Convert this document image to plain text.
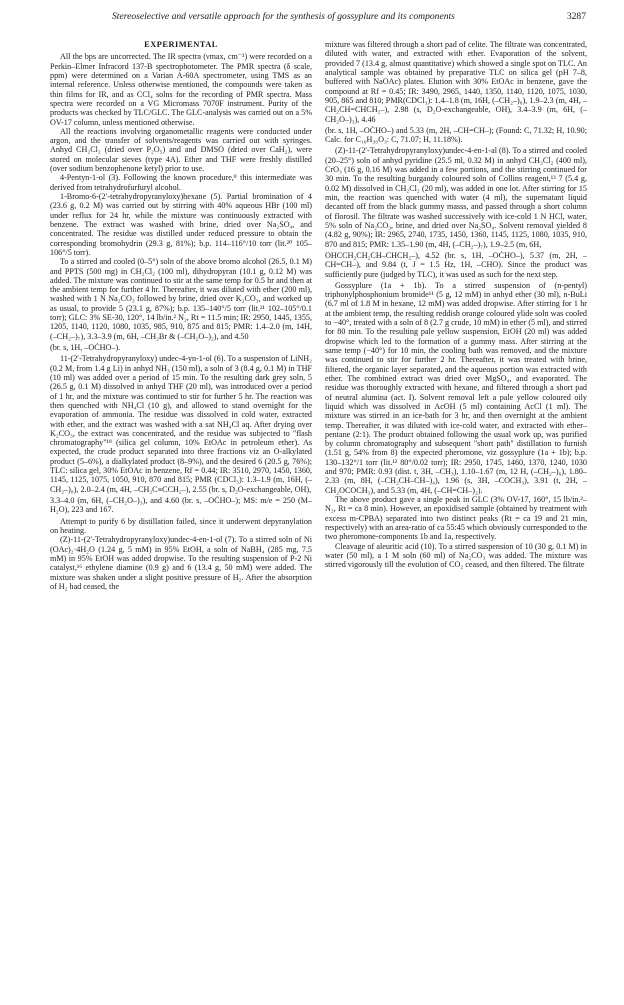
Stereoselective and versatile approach for the synthesis of gossyplure and its components	3287
EXPERIMENTAL

All the bps are uncorrected. The IR spectra (νmax, cm⁻¹) were recorded on a Perkin–Elmer Infracord 137-B spectrophotometer. The PMR spectra (δ scale, ppm) were determined on a Varian A-60A spectrometer, using TMS as an internal reference. Unless otherwise mentioned, the compounds were taken as thin films for IR, and as CCl₄ solns for the recording of PMR spectra. Mass spectra were recorded on a VG Micromass 7070F instrument. Purity of the products was checked by TLC/GLC. The GLC-analysis was carried out on a 5% OV-17 column, unless mentioned otherwise.

All the reactions involving organometallic reagents were conducted under argon, and the transfer of solvents/reagents was carried out with syringes. Anhyd CH₂Cl₂ (dried over P₂O₅) and and DMSO (dried over CaH₂), were stored on molecular sieves (type 4A). Ether and THF were freshly distilled (over sodium benzophenone ketyl) prior to use.

4-Pentyn-1-ol (3). Following the known procedure,⁸ this intermediate was derived from tetrahydrofurfuryl alcohol.

1-Bromo-6-(2′-tetrahydropyranyloxy)hexane (5). Partial bromination of 4 (23.6 g, 0.2 M) was carried out by stirring with 40% aqueous HBr (100 ml) under reflux for 24 hr, while the mixture was continuously extracted with benzene. The extract was washed with brine, dried over Na₂SO₄, and concentrated. The residue was distilled under reduced pressure to obtain the corresponding bromohydrin (29.3 g, 81%); b.p. 114–116°/10 torr (lit.²⁰ 105–106°/5 torr).

To a stirred and cooled (0–5°) soln of the above bromo alcohol (26.5, 0.1 M) and PPTS (500 mg) in CH₂Cl₂ (100 ml), dihydropyran (10.1 g, 0.12 M) was added. The mixture was continued to stir at the same temp for 0.5 hr and then at the ambient temp for further 4 hr. Thereafter, it was diluted with ether (200 ml), washed with 1 N Na₂CO₃ followed by brine, dried over K₂CO₃, and worked up as usual, to provide 5 (23.1 g, 87%); b.p. 135–140°/5 torr (lit.²¹ 102–105°/0.1 torr); GLC: 3% SE-30, 120°, 14 lb/in.² N₂, Rt = 11.5 min; IR: 2950, 1445, 1355, 1205, 1140, 1120, 1080, 1035, 985, 910, 875 and 815; PMR: 1.4–2.0 (m, 14H, (–CH₂–)₇), 3.3–3.9 (m, 6H, –CH₂Br & (–CH₂O–)₂), and 4.50

(br. s, 1H, –OĊHO–).

11-(2′-Tetrahydropyranyloxy) undec-4-yn-1-ol (6). To a suspension of LiNH₂ (0.2 M, from 1.4 g Li) in anhyd NH₃ (150 ml), a soln of 3 (8.4 g, 0.1 M) in THF (10 ml) was added over a period of 15 min. To the resulting dark grey soln, 5 (26.5 g, 0.1 M) dissolved in anhyd THF (20 ml), was introduced over a period of 1 hr, and the mixture was continued to stir for further 5 hr. The reaction was then quenched with NH₄Cl (10 g), and allowed to stand overnight for the evaporation of ammonia. The residue was dissolved in cold water, extracted with ether, and the extract was washed with a sat NH₄Cl aq. After drying over K₂CO₃, the extract was concentrated, and the residue was subjected to "flash chromatography"¹⁸ (silica gel column, 10% EtOAc in petroleum ether). As expected, the crude product separated into three fractions viz an O-alkylated product (5–6%), a dialkylated product (8–9%), and the desired 6 (20.5 g, 76%); TLC: silica gel, 30% EtOAc in benzene, Rf = 0.44; IR: 3510, 2970, 1450, 1360, 1145, 1125, 1075, 1050, 910, 870 and 815; PMR (CDCl₃): 1.3–1.9 (m, 16H, (–CH₂–)₈), 2.0–2.4 (m, 4H, –CH₂C≡CCH₂–), 2.55 (br. s, D₂O-exchangeable, OH),

3.3–4.0 (m, 6H, (–CH₂O–)₃), and 4.60 (br. s, –OĊHO–); MS: m/e = 250 (M–H₂O), 223 and 167.

Attempt to purify 6 by distillation failed, since it underwent depyranylation on heating.

(Z)-11-(2′-Tetrahydropyranyloxy)undec-4-en-1-ol (7). To a stirred soln of Ni (OAc)₂·4H₂O (1.24 g, 5 mM) in 95% EtOH, a soln of NaBH₄ (285 mg, 7.5 mM) in 95% EtOH was added dropwise. To the resulting suspension of P-2 Ni catalyst,¹⁶ ethylene diamine (0.9 g) and 6 (13.4 g, 50 mM) were added. The mixture was shaken under a slight positive pressure of H₂. After the absorption of H₂ had ceased, the

mixture was filtered through a short pad of celite. The filtrate was concentrated, diluted with water, and extracted with ether. Evaporation of the solvent, provided 7 (13.4 g, almost quantitative) which showed a single spot on TLC. An analytical sample was obtained by preparative TLC on silica gel (pH 7–8, buffered with NaOAc) plates. Elution with 30% EtOAc in benzene, gave the compound at Rf = 0.45; IR: 3490, 2965, 1440, 1350, 1140, 1120, 1075, 1030, 905, 865 and 810; PMR(CDCl₃): 1.4–1.8 (m, 16H, (–CH₂–)₈), 1.9–2.3 (m, 4H, –CH₂CH=CHCH₂–), 2.98 (s, D₂O-exchangeable, OH), 3.4–3.9 (m, 6H, (–CH₂O–)₃), 4.46

(br. s, 1H, –OĊHO–) and 5.33 (m, 2H, –CH=CH–); (Found: C, 71.32; H, 10.90; Calc. for C₁₆H₃₀O₃: C, 71.07; H, 11.18%).

(Z)-11-(2′-Tetrahydropyranyloxy)undec-4-en-1-al (8). To a stirred and cooled (20–25°) soln of anhyd pyridine (25.5 ml, 0.32 M) in anhyd CH₂Cl₂ (400 ml), CrO₃ (16 g, 0.16 M) was added in a few portions, and the stirring continued for 30 min. To the resulting burgandy coloured soln of Collins reagent,¹³ 7 (5.4 g, 0.02 M) dissolved in CH₂Cl₂ (20 ml), was added in one lot. After stirring for 15 min, the reaction was quenched with water (4 ml), the supernatant liquid decanted off from the black gummy masss, and passed through a short column of florosil. The filtrate was washed successively with ice-cold 1 N HCl, water, 5% soln of Na₂CO₃, brine, and dried over Na₂SO₄. Solvent removal yielded 8 (4.82 g, 90%); IR: 2965, 2740, 1735, 1450, 1360, 1145, 1125, 1080, 1035, 910, 870 and 815; PMR: 1.35–1.90 (m, 4H, (–CH₂–)₇), 1.9–2.5 (m, 6H,

OHCCH₂CH₂CH–CHCH₂–), 4.52 (br. s, 1H, –OĊHO–), 5.37 (m, 2H, –CH=CH–), and 9.84 (t, J = 1.5 Hz, 1H, –CHO). Since the product was sufficiently pure (judged by TLC), it was used as such for the next step.

Gossyplure (1a + 1b). To a stirred suspension of (n-pentyl) triphonylphosphonium bromide¹¹ (5 g, 12 mM) in anhyd ether (30 ml), n-BuLi (6.7 ml of 1.8 M in hexane, 12 mM) was added dropwise. After stirring for 1 hr at the ambient temp, the resulting reddish orange coloured ylide soln was cooled to −40°, treated with a soln of 8 (2.7 g crude, 10 mM) in ether (5 ml), and stirred for 80 min. To the resulting pale yellow suspension, EtOH (20 ml) was added dropwise which led to the formation of a gummy mass. After stirring at the same temp (−40°) for 10 min, the cooling bath was removed, and the mixture was continued to stir for further 2 hr. Thereafter, it was treated with brine, filtered, the organic layer separated, and the aqueous portion was extracted with ether. The combined extract was dried over MgSO₄, and evaporated. The residue was thoroughly extracted with hexane, and filtered through a short pad of neutral alumina (act. I). Solvent removal left a pale yellow coloured oily liquid which was dissolved in AcOH (5 ml) containing AcCl (1 ml). The mixture was stirred in an ice-bath for 3 hr, and then overnight at the ambient temp. Thereafter, it was diluted with ice-cold water, and extracted with ether–pentane (2:1). The product obtained following the usual work up, was purified by column chromatography and subsequent "short path" distillation to furnish (1.51 g, 54% from 8) the expected pheromone, viz gossyplure (1a + 1b); b.p. 130–132°/1 torr (lit.¹² 80°/0.02 torr); IR: 2950, 1745, 1460, 1370, 1240, 1030 and 970; PMR: 0.93 (dist. t, 3H, –CH₃), 1.10–1.67 (m, 12 H, (–CH₂–)₆), 1.80–2.33 (m, 8H, (–CH₂CH–CH–)₄), 1.96 (s, 3H, –COCH₃), 3.91 (t, 2H, –CH₂OCOCH₃), and 5.33 (m, 4H, (–CH=CH–)₂).

The above product gave a single peak in GLC (3% OV-17, 160°, 15 lb/in.²–N₂, Rt = ca 8 min). However, an epoxidised sample (obtained by treatment with excess m-CPBA) separated into two distinct peaks (Rt = ca 19 and 21 min, respectively) with an area-ratio of ca 55:45 which obviously corresponded to the two pheromone-components 1b and 1a, respectively.

Cleavage of aleuritic acid (10). To a stirred suspension of 10 (30 g, 0.1 M) in water (50 ml), a 1 M soln (60 ml) of Na₂CO₃ was added. The mixture was stirred vigorously till the evolution of CO₂ ceased, and then filtered. The filtrate
